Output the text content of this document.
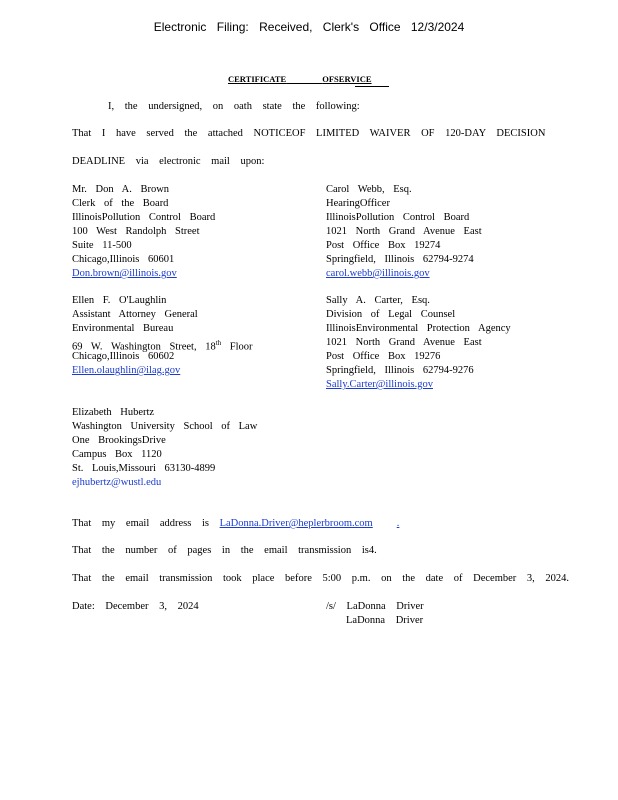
Electronic Filing: Received, Clerk's Office 12/3/2024
CERTIFICATE	OFSERVICE
I, the undersigned, on oath state the following:
That I have served the attached NOTICEOF LIMITED WAIVER OF 120-DAY DECISION
DEADLINE via electronic mail upon:
Mr. Don A. Brown
Clerk of the Board
IllinoisPollution Control Board
100 West Randolph Street
Suite 11-500
Chicago,Illinois 60601
Don.brown@illinois.gov
Carol Webb, Esq.
HearingOfficer
IllinoisPollution Control Board
1021 North Grand Avenue East
Post Office Box 19274
Springfield, Illinois 62794-9274
carol.webb@illinois.gov
Ellen F. O'Laughlin
Assistant Attorney General
Environmental Bureau
69 W. Washington Street, 18th Floor
Chicago,Illinois 60602
Ellen.olaughlin@ilag.gov
Sally A. Carter, Esq.
Division of Legal Counsel
IllinoisEnvironmental Protection Agency
1021 North Grand Avenue East
Post Office Box 19276
Springfield, Illinois 62794-9276
Sally.Carter@illinois.gov
Elizabeth Hubertz
Washington University School of Law
One BrookingsDrive
Campus Box 1120
St. Louis,Missouri 63130-4899
ejhubertz@wustl.edu
That my email address is LaDonna.Driver@heplerbroom.com .
That the number of pages in the email transmission is4.
That the email transmission took place before 5:00 p.m. on the date of December 3, 2024.
Date: December 3, 2024	/s/ LaDonna Driver
LaDonna Driver
